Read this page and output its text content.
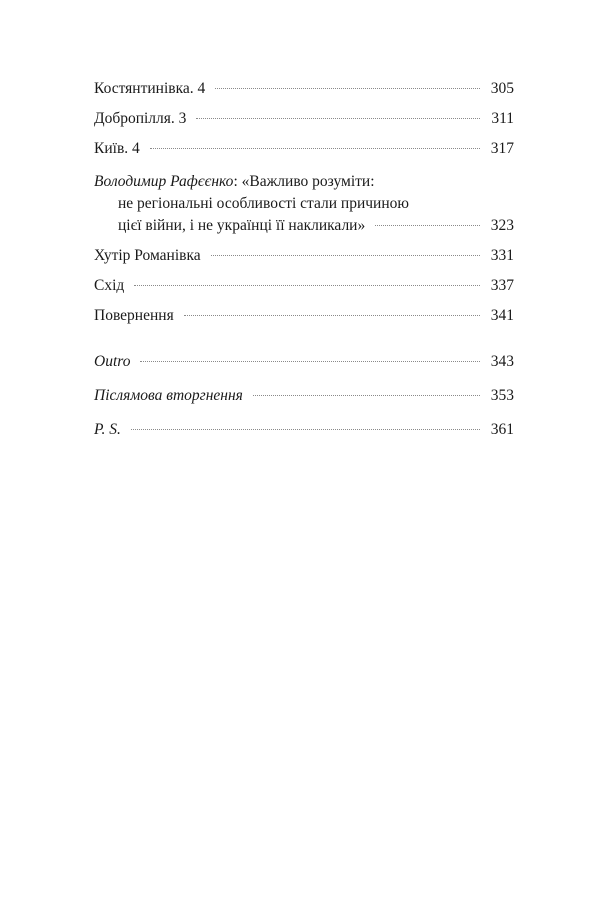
Костянтинівка. 4	305
Добропілля. 3	311
Київ. 4	317
Володимир Рафєєнко: «Важливо розуміти:
не регіональні особливості стали причиною
цієї війни, і не українці її накликали»	323
Хутір Романівка	331
Схід	337
Повернення	341
Outro	343
Післямова вторгнення	353
P. S.	361
